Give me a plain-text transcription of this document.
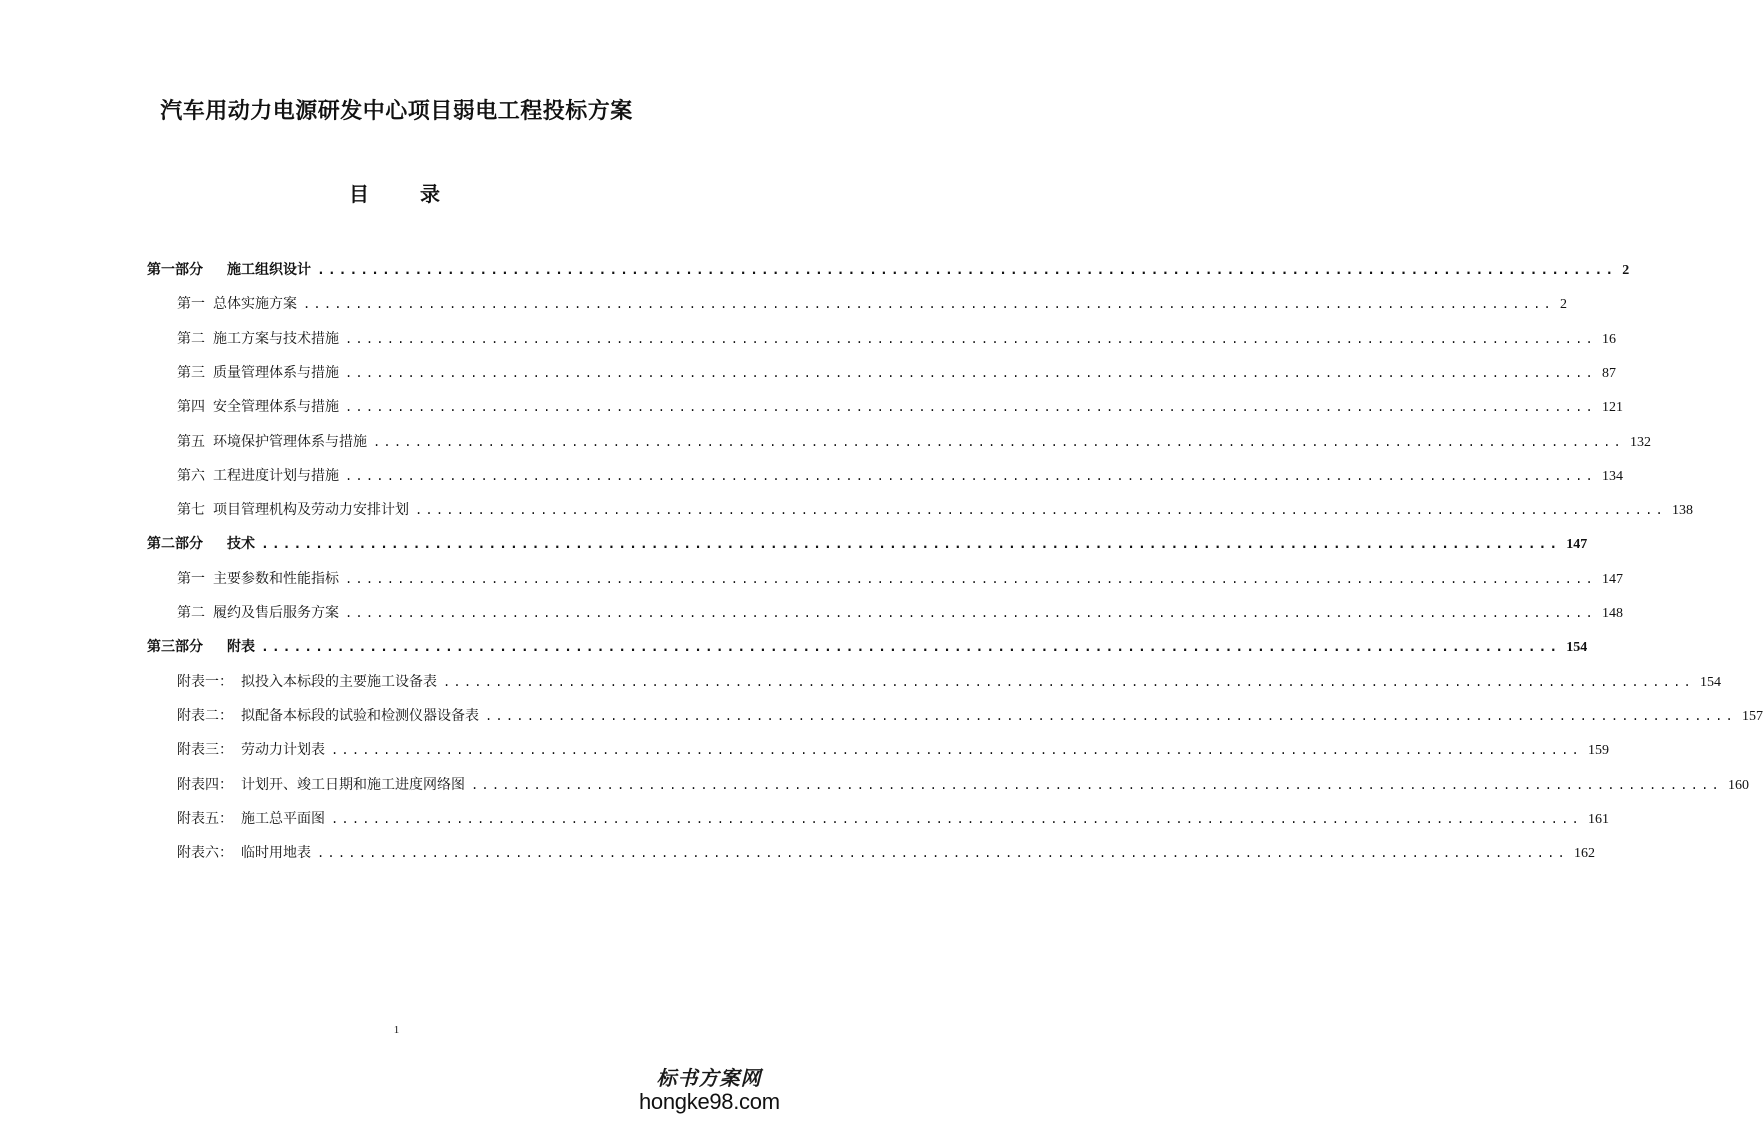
汽车用动力电源研发中心项目弱电工程投标方案
目 录
第一部分 施工组织设计 ........................................................................................................................ 2
第一 总体实施方案 ........................................................................................................................ 2
第二 施工方案与技术措施 ........................................................................................................................ 16
第三 质量管理体系与措施 ........................................................................................................................ 87
第四 安全管理体系与措施 ........................................................................................................................ 121
第五 环境保护管理体系与措施 ........................................................................................................................ 132
第六 工程进度计划与措施 ........................................................................................................................ 134
第七 项目管理机构及劳动力安排计划 ........................................................................................................................ 138
第二部分 技术 ........................................................................................................................ 147
第一 主要参数和性能指标 ........................................................................................................................ 147
第二 履约及售后服务方案 ........................................................................................................................ 148
第三部分 附表 ........................................................................................................................ 154
附表一： 拟投入本标段的主要施工设备表 ........................................................................................................................ 154
附表二： 拟配备本标段的试验和检测仪器设备表 ........................................................................................................................ 157
附表三： 劳动力计划表 ........................................................................................................................ 159
附表四： 计划开、竣工日期和施工进度网络图 ........................................................................................................................ 160
附表五： 施工总平面图 ........................................................................................................................ 161
附表六： 临时用地表 ........................................................................................................................ 162
1
标书方案网
hongke98.com
